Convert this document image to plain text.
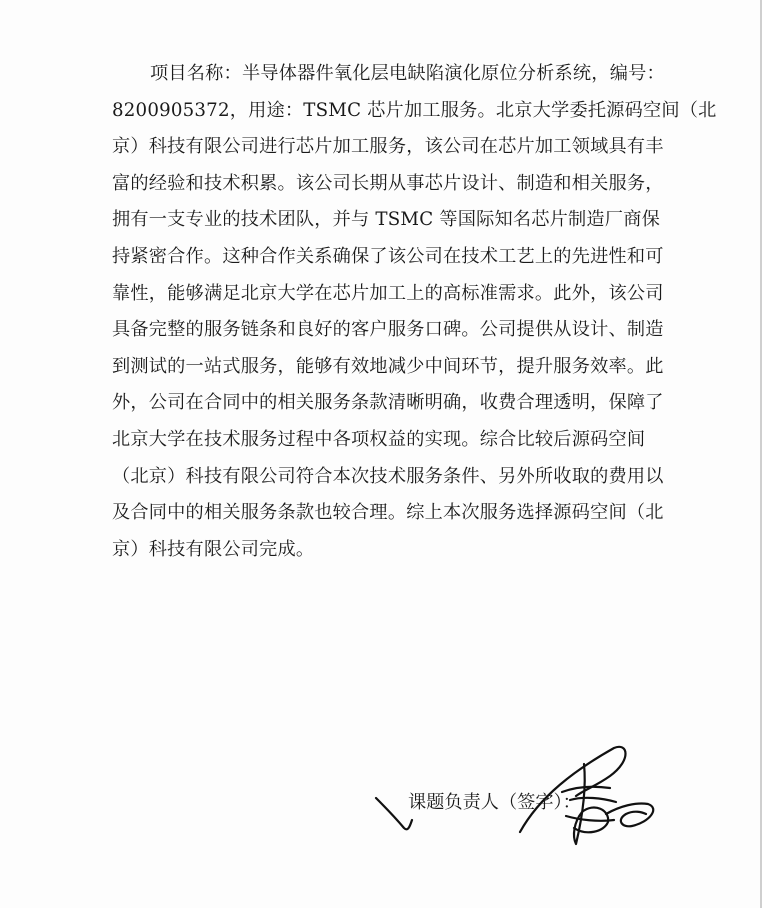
项目名称：半导体器件氧化层电缺陷演化原位分析系统，编号：
8200905372，用途：TSMC 芯片加工服务。北京大学委托源码空间（北
京）科技有限公司进行芯片加工服务，该公司在芯片加工领域具有丰
富的经验和技术积累。该公司长期从事芯片设计、制造和相关服务，
拥有一支专业的技术团队，并与 TSMC 等国际知名芯片制造厂商保
持紧密合作。这种合作关系确保了该公司在技术工艺上的先进性和可
靠性，能够满足北京大学在芯片加工上的高标准需求。此外，该公司
具备完整的服务链条和良好的客户服务口碑。公司提供从设计、制造
到测试的一站式服务，能够有效地减少中间环节，提升服务效率。此
外，公司在合同中的相关服务条款清晰明确，收费合理透明，保障了
北京大学在技术服务过程中各项权益的实现。综合比较后源码空间
（北京）科技有限公司符合本次技术服务条件、另外所收取的费用以
及合同中的相关服务条款也较合理。综上本次服务选择源码空间（北
京）科技有限公司完成。
课题负责人（签字）：
